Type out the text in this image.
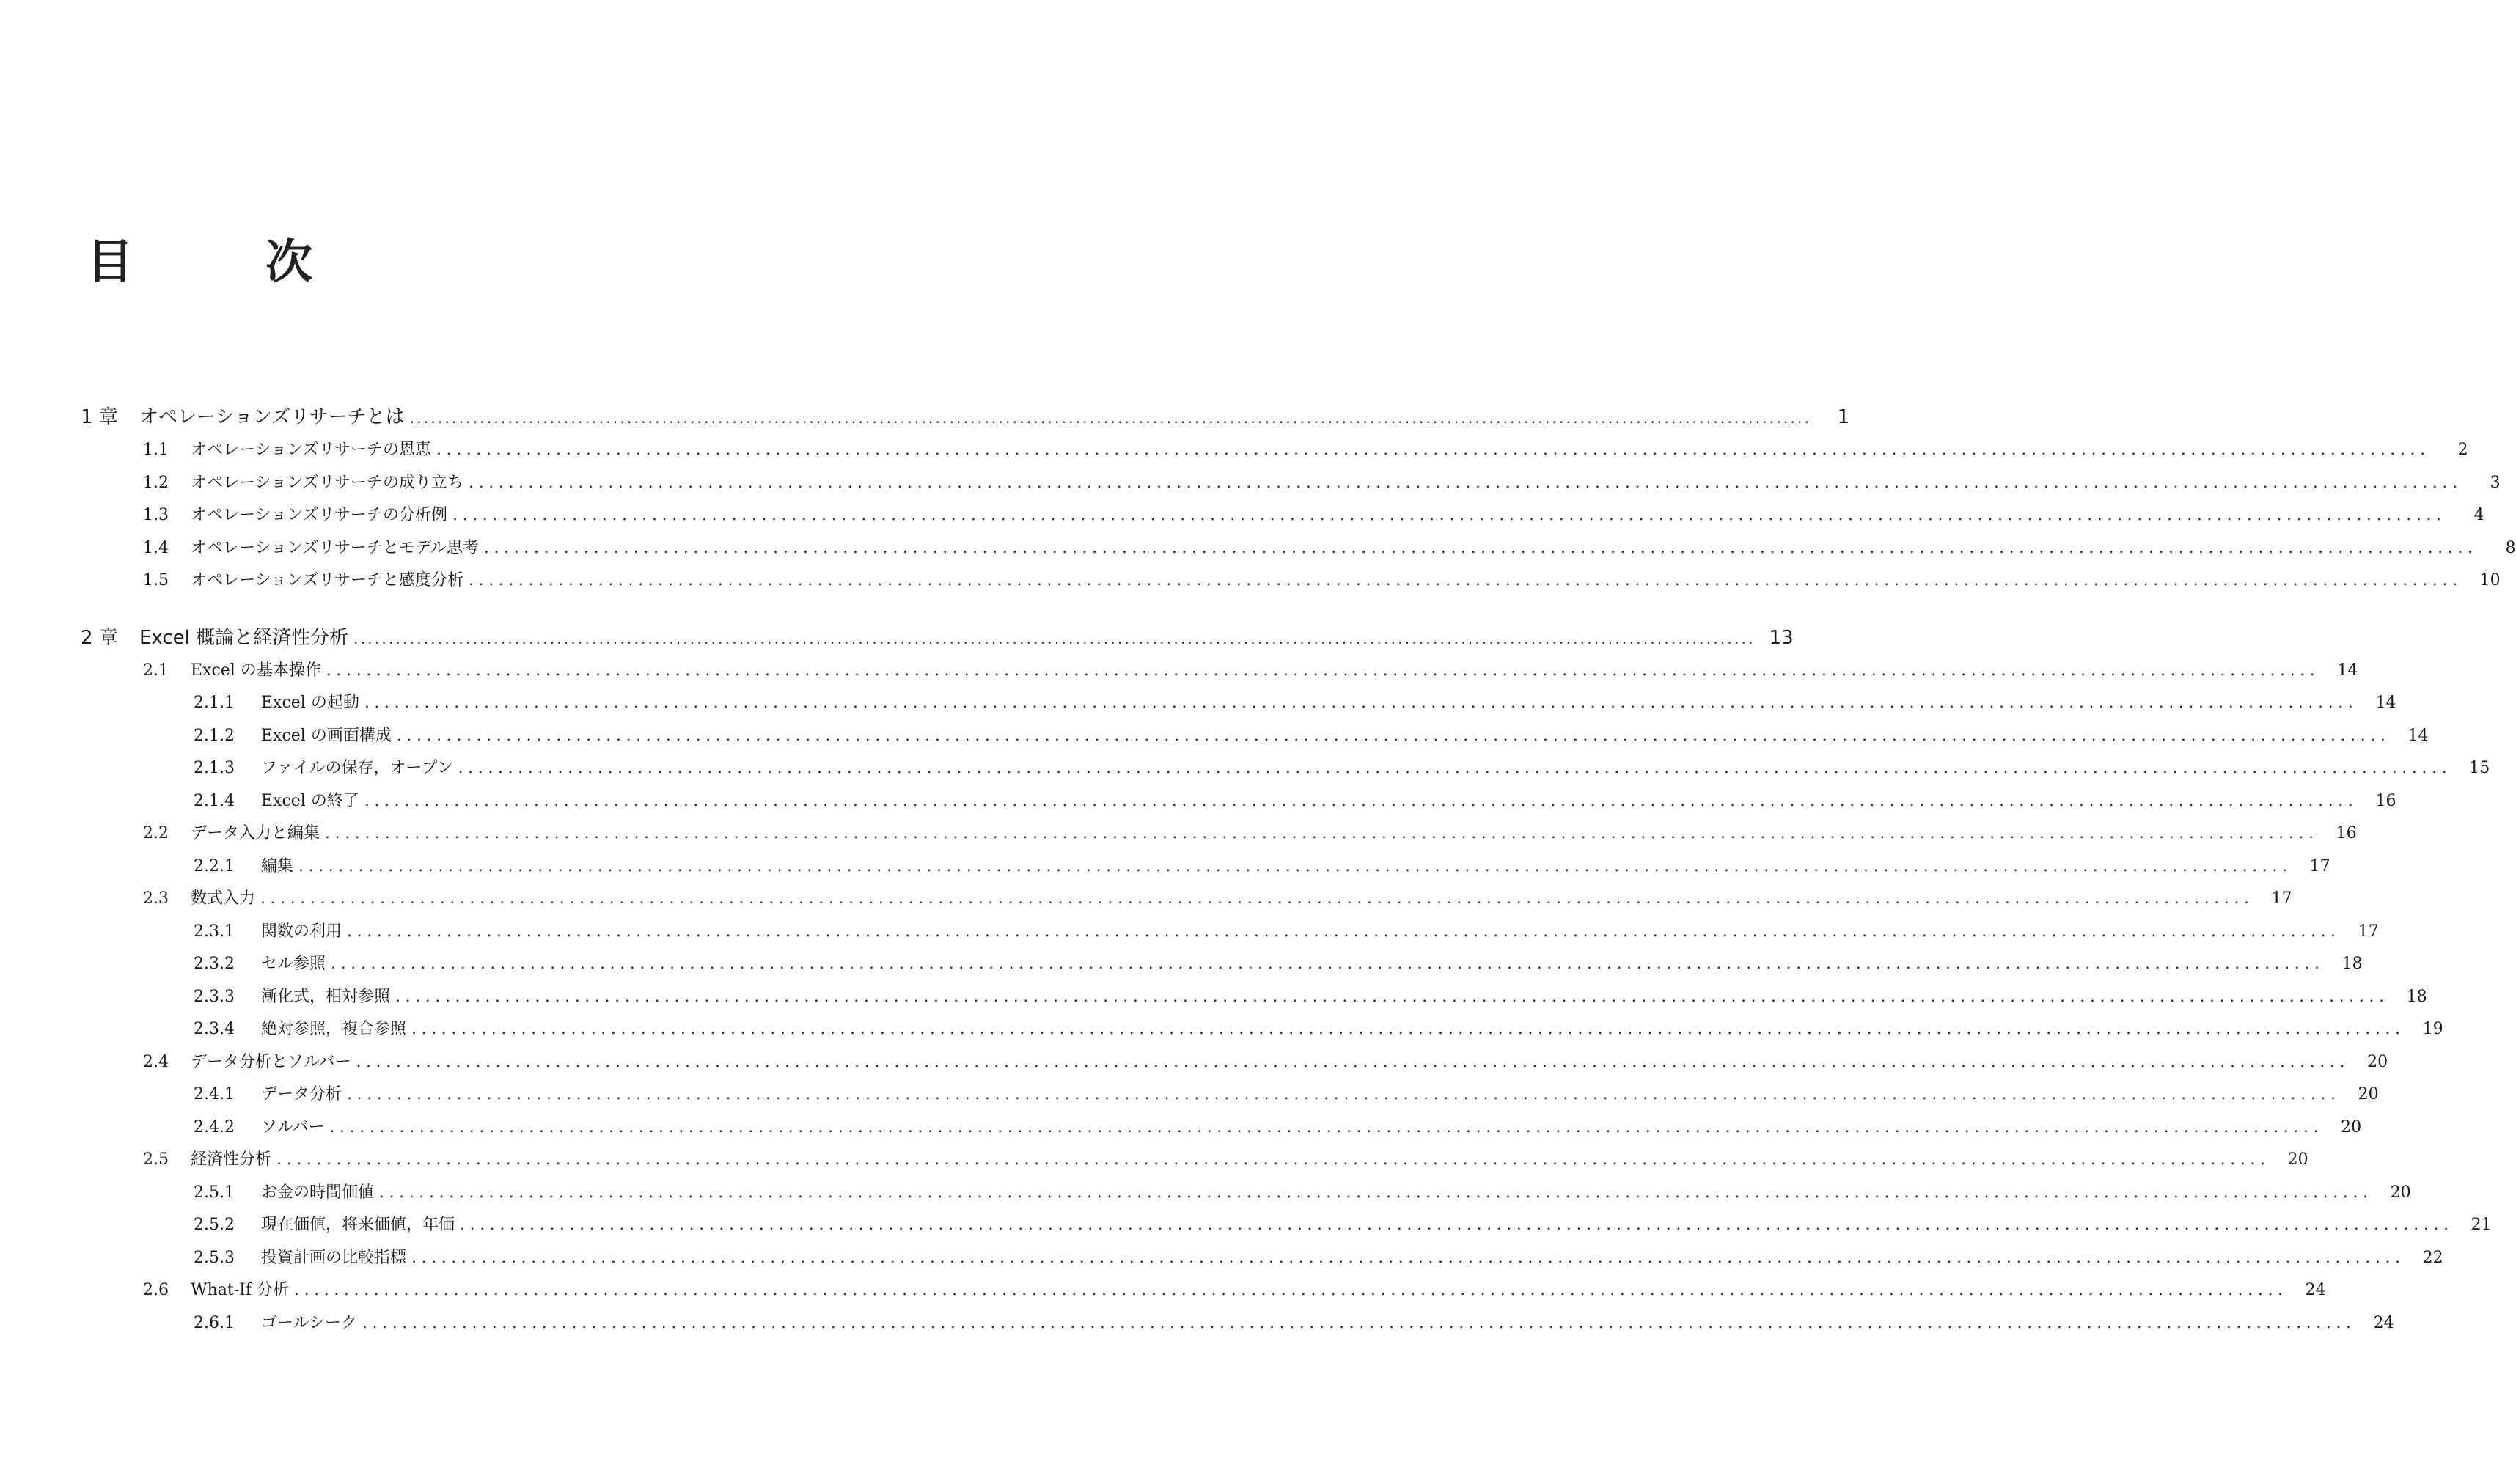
目　次
1 章	オペレーションズリサーチとは ........................................................................................................................................................................................................	1
1.1	オペレーションズリサーチの恩恵 ........................................................................................................................................................................................................	2
1.2	オペレーションズリサーチの成り立ち ........................................................................................................................................................................................................	3
1.3	オペレーションズリサーチの分析例 ........................................................................................................................................................................................................	4
1.4	オペレーションズリサーチとモデル思考 ........................................................................................................................................................................................................	8
1.5	オペレーションズリサーチと感度分析 ........................................................................................................................................................................................................	10
2 章	Excel 概論と経済性分析 ........................................................................................................................................................................................................ 13
2.1	Excel の基本操作 ........................................................................................................................................................................................................	14
2.1.1	Excel の起動 ........................................................................................................................................................................................................	14
2.1.2	Excel の画面構成 ........................................................................................................................................................................................................	14
2.1.3	ファイルの保存，オープン ........................................................................................................................................................................................................	15
2.1.4	Excel の終了 ........................................................................................................................................................................................................	16
2.2	データ入力と編集 ........................................................................................................................................................................................................	16
2.2.1	編集 ........................................................................................................................................................................................................	17
2.3	数式入力 ........................................................................................................................................................................................................	17
2.3.1	関数の利用 ........................................................................................................................................................................................................	17
2.3.2	セル参照 ........................................................................................................................................................................................................	18
2.3.3	漸化式，相対参照 ........................................................................................................................................................................................................	18
2.3.4	絶対参照，複合参照 ........................................................................................................................................................................................................	19
2.4	データ分析とソルバー ........................................................................................................................................................................................................	20
2.4.1	データ分析 ........................................................................................................................................................................................................	20
2.4.2	ソルバー ........................................................................................................................................................................................................	20
2.5	経済性分析 ........................................................................................................................................................................................................	20
2.5.1	お金の時間価値 ........................................................................................................................................................................................................	20
2.5.2	現在価値，将来価値，年価 ........................................................................................................................................................................................................	21
2.5.3	投資計画の比較指標 ........................................................................................................................................................................................................	22
2.6	What-If 分析 ........................................................................................................................................................................................................	24
2.6.1	ゴールシーク ........................................................................................................................................................................................................	24
